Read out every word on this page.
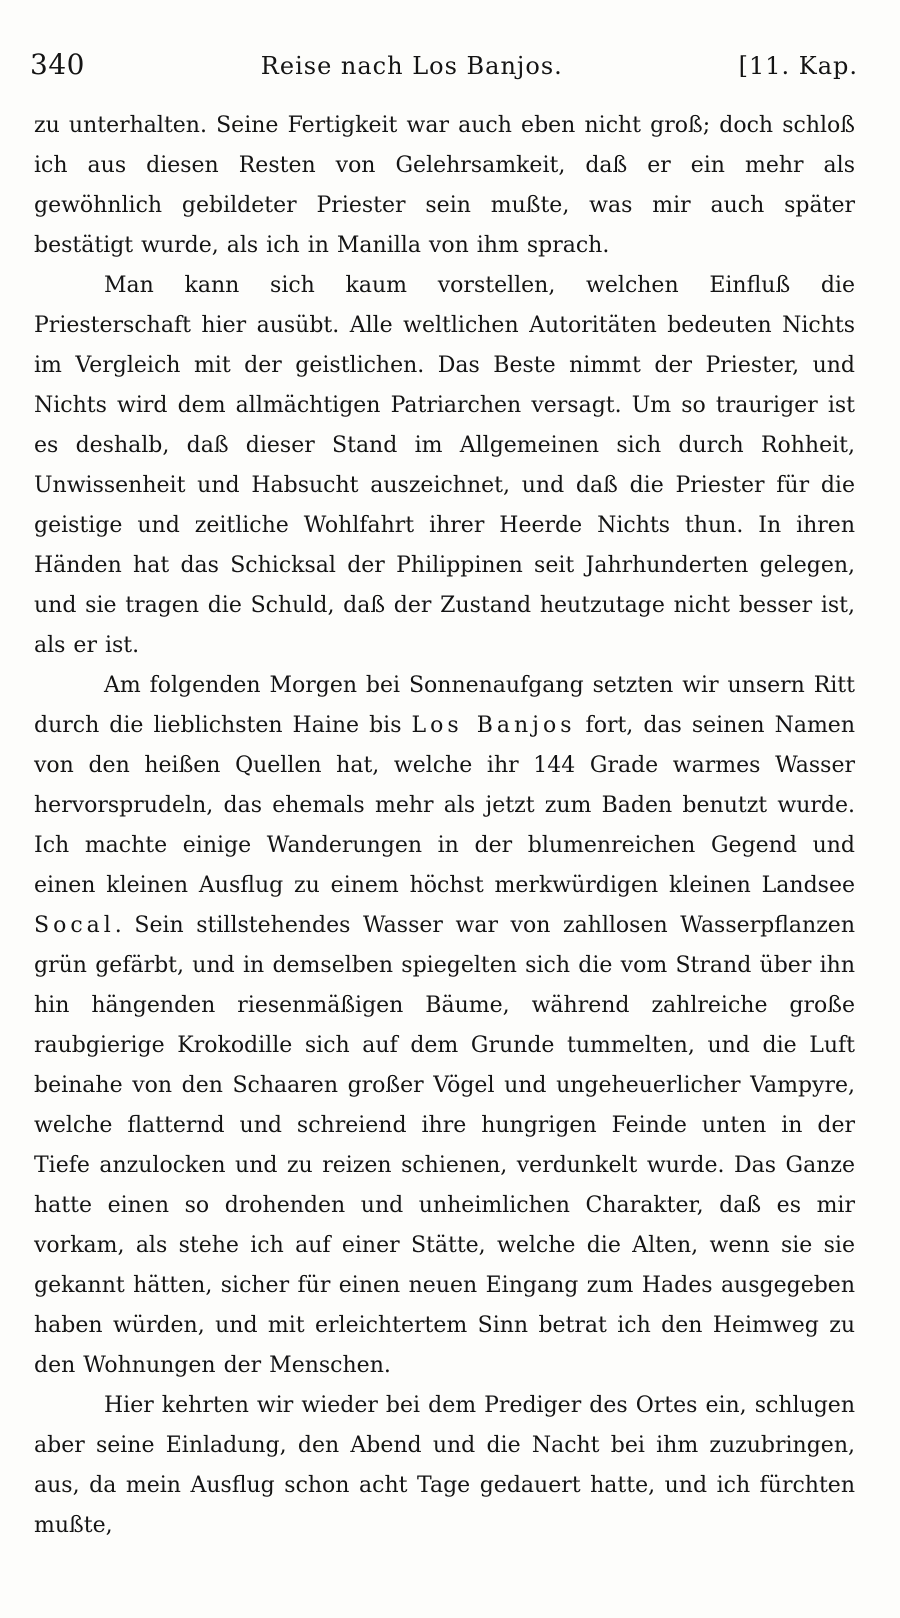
340	Reise nach Los Banjos.	[11. Kap.

zu unterhalten. Seine Fertigkeit war auch eben nicht groß; doch schloß ich aus diesen Resten von Gelehrsamkeit, daß er ein mehr als gewöhnlich gebildeter Priester sein mußte, was mir auch später bestätigt wurde, als ich in Manilla von ihm sprach.

Man kann sich kaum vorstellen, welchen Einfluß die Priesterschaft hier ausübt. Alle weltlichen Autoritäten bedeuten Nichts im Vergleich mit der geistlichen. Das Beste nimmt der Priester, und Nichts wird dem allmächtigen Patriarchen versagt. Um so trauriger ist es deshalb, daß dieser Stand im Allgemeinen sich durch Rohheit, Unwissenheit und Habsucht auszeichnet, und daß die Priester für die geistige und zeitliche Wohlfahrt ihrer Heerde Nichts thun. In ihren Händen hat das Schicksal der Philippinen seit Jahrhunderten gelegen, und sie tragen die Schuld, daß der Zustand heutzutage nicht besser ist, als er ist.

Am folgenden Morgen bei Sonnenaufgang setzten wir unsern Ritt durch die lieblichsten Haine bis Los Banjos fort, das seinen Namen von den heißen Quellen hat, welche ihr 144 Grade warmes Wasser hervorsprudeln, das ehemals mehr als jetzt zum Baden benutzt wurde. Ich machte einige Wanderungen in der blumenreichen Gegend und einen kleinen Ausflug zu einem höchst merkwürdigen kleinen Landsee Socal. Sein stillstehendes Wasser war von zahllosen Wasserpflanzen grün gefärbt, und in demselben spiegelten sich die vom Strand über ihn hin hängenden riesenmäßigen Bäume, während zahlreiche große raubgierige Krokodille sich auf dem Grunde tummelten, und die Luft beinahe von den Schaaren großer Vögel und ungeheuerlicher Vampyre, welche flatternd und schreiend ihre hungrigen Feinde unten in der Tiefe anzulocken und zu reizen schienen, verdunkelt wurde. Das Ganze hatte einen so drohenden und unheimlichen Charakter, daß es mir vorkam, als stehe ich auf einer Stätte, welche die Alten, wenn sie sie gekannt hätten, sicher für einen neuen Eingang zum Hades ausgegeben haben würden, und mit erleichtertem Sinn betrat ich den Heimweg zu den Wohnungen der Menschen.

Hier kehrten wir wieder bei dem Prediger des Ortes ein, schlugen aber seine Einladung, den Abend und die Nacht bei ihm zuzubringen, aus, da mein Ausflug schon acht Tage gedauert hatte, und ich fürchten mußte,
